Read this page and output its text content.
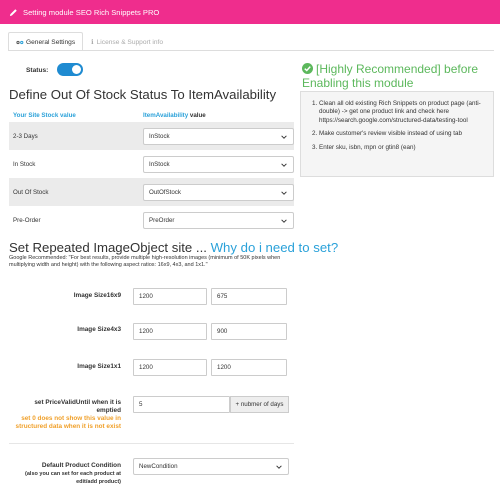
Setting module SEO Rich Snippets PRO
General Settings ℹ License & Support info
Status:
Define Out Of Stock Status To ItemAvailability
Your Site Stock value	ItemAvailability value
2-3 Days	InStock
In Stock	InStock
Out Of Stock	OutOfStock
Pre-Order	PreOrder
[Highly Recommended] before Enabling this module
1. Clean all old existing Rich Snippets on product page (anti-double) -> get one product link and check here https://search.google.com/structured-data/testing-tool
2. Make customer's review visible instead of using tab
3. Enter sku, isbn, mpn or gtin8 (ean)
Set Repeated ImageObject site ... Why do i need to set?
Google Recommended: "For best results, provide multiple high-resolution images (minimum of 50K pixels when multiplying width and height) with the following aspect ratios: 16x9, 4x3, and 1x1."
Image Size16x9	1200	675
Image Size4x3	1200	900
Image Size1x1	1200	1200
set PriceValidUntil when it is emptied
set 0 does not show this value in structured data when it is not exist
5	+ nubmer of days
Default Product Condition
(also you can set for each product at edit/add product)
NewCondition
